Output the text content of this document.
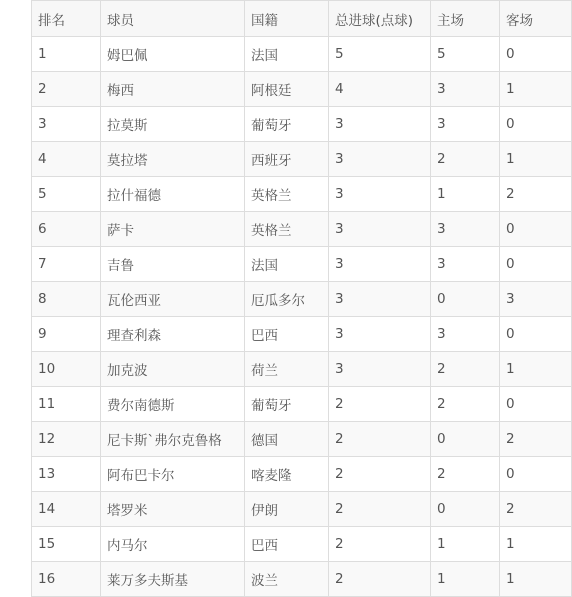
排名	球员	国籍	总进球(点球)	主场	客场
1	姆巴佩	法国	5	5	0
2	梅西	阿根廷	4	3	1
3	拉莫斯	葡萄牙	3	3	0
4	莫拉塔	西班牙	3	2	1
5	拉什福德	英格兰	3	1	2
6	萨卡	英格兰	3	3	0
7	吉鲁	法国	3	3	0
8	瓦伦西亚	厄瓜多尔	3	0	3
9	理查利森	巴西	3	3	0
10	加克波	荷兰	3	2	1
11	费尔南德斯	葡萄牙	2	2	0
12	尼卡斯`弗尔克鲁格	德国	2	0	2
13	阿布巴卡尔	喀麦隆	2	2	0
14	塔罗米	伊朗	2	0	2
15	内马尔	巴西	2	1	1
16	莱万多夫斯基	波兰	2	1	1
